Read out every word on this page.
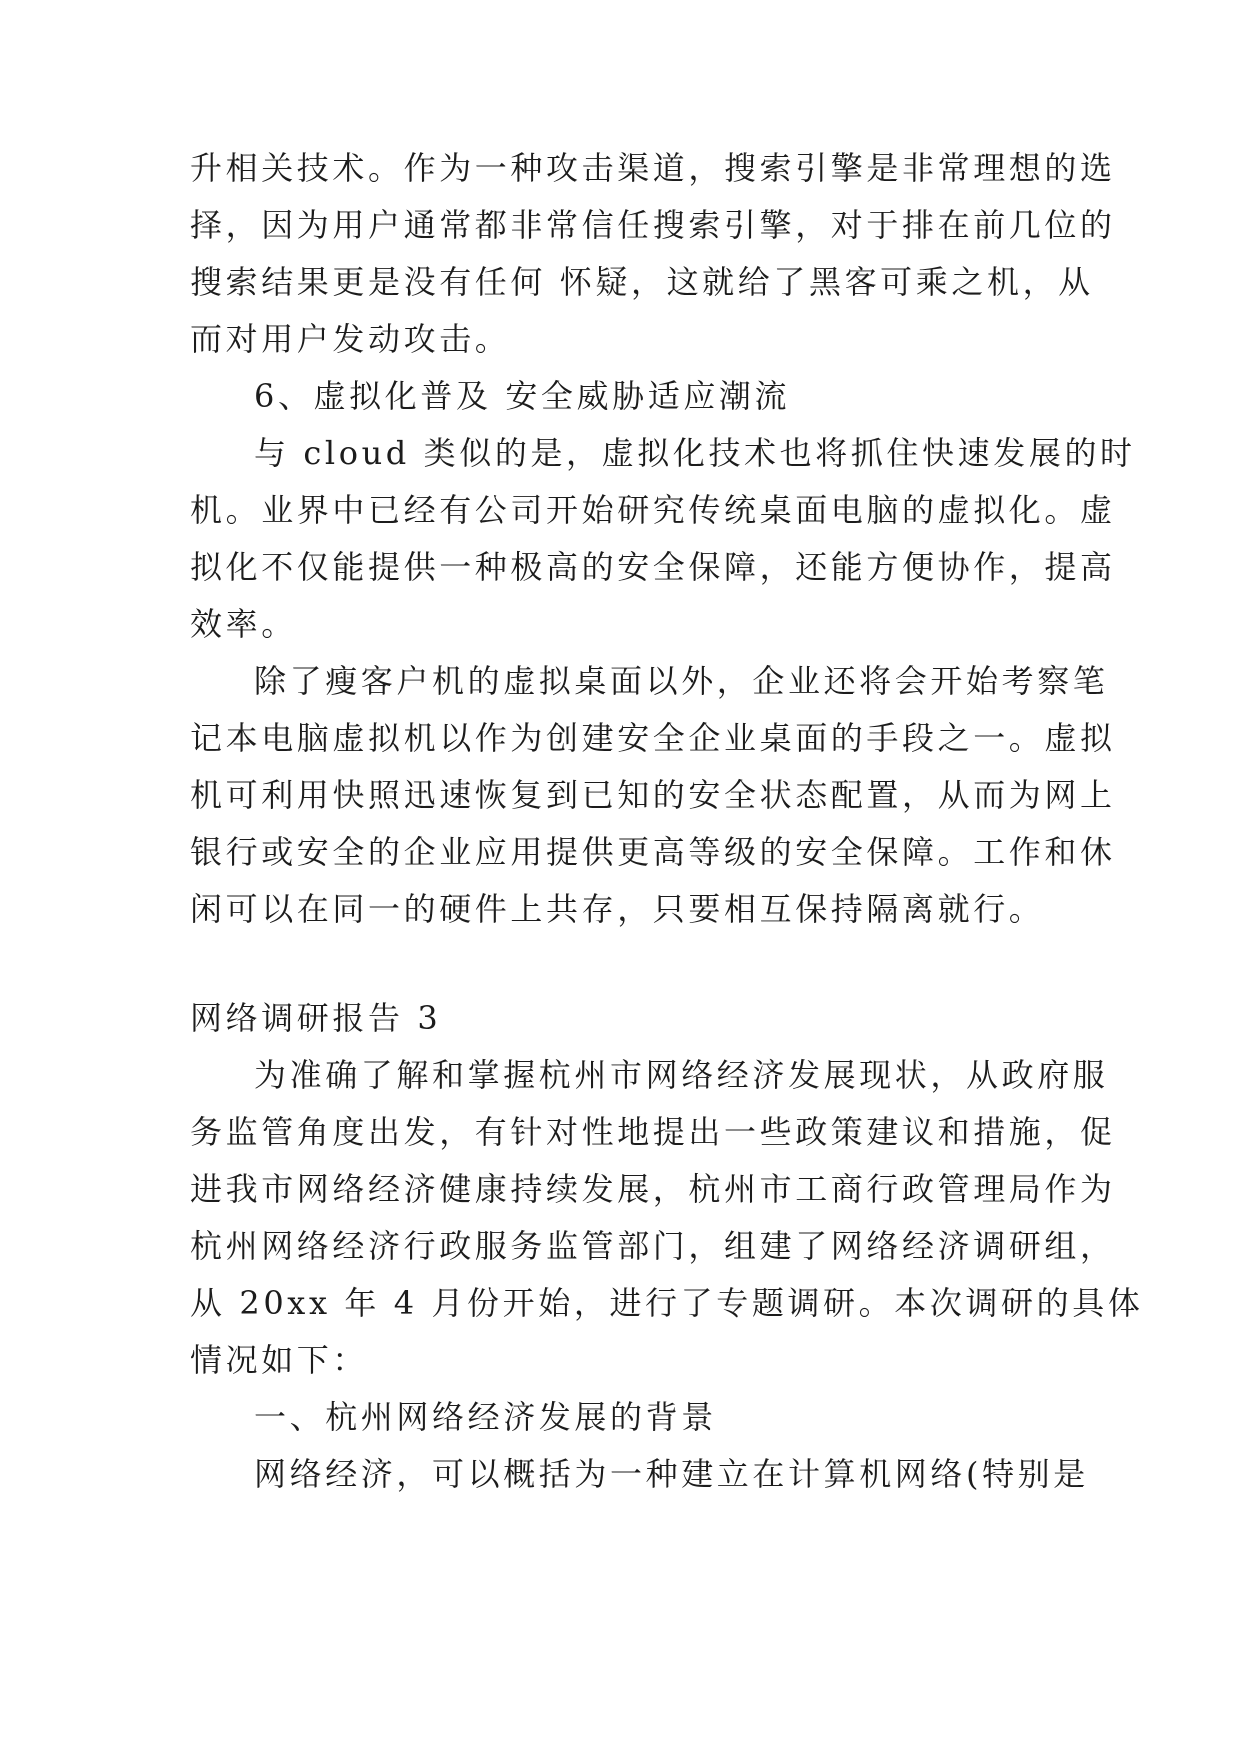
升相关技术。作为一种攻击渠道，搜索引擎是非常理想的选
择，因为用户通常都非常信任搜索引擎，对于排在前几位的
搜索结果更是没有任何 怀疑，这就给了黑客可乘之机，从
而对用户发动攻击。
6、虚拟化普及 安全威胁适应潮流
与 cloud 类似的是，虚拟化技术也将抓住快速发展的时
机。业界中已经有公司开始研究传统桌面电脑的虚拟化。虚
拟化不仅能提供一种极高的安全保障，还能方便协作，提高
效率。
除了瘦客户机的虚拟桌面以外，企业还将会开始考察笔
记本电脑虚拟机以作为创建安全企业桌面的手段之一。虚拟
机可利用快照迅速恢复到已知的安全状态配置，从而为网上
银行或安全的企业应用提供更高等级的安全保障。工作和休
闲可以在同一的硬件上共存，只要相互保持隔离就行。
网络调研报告 3
为准确了解和掌握杭州市网络经济发展现状，从政府服
务监管角度出发，有针对性地提出一些政策建议和措施，促
进我市网络经济健康持续发展，杭州市工商行政管理局作为
杭州网络经济行政服务监管部门，组建了网络经济调研组，
从 20xx 年 4 月份开始，进行了专题调研。本次调研的具体
情况如下：
一、杭州网络经济发展的背景
网络经济，可以概括为一种建立在计算机网络(特别是
